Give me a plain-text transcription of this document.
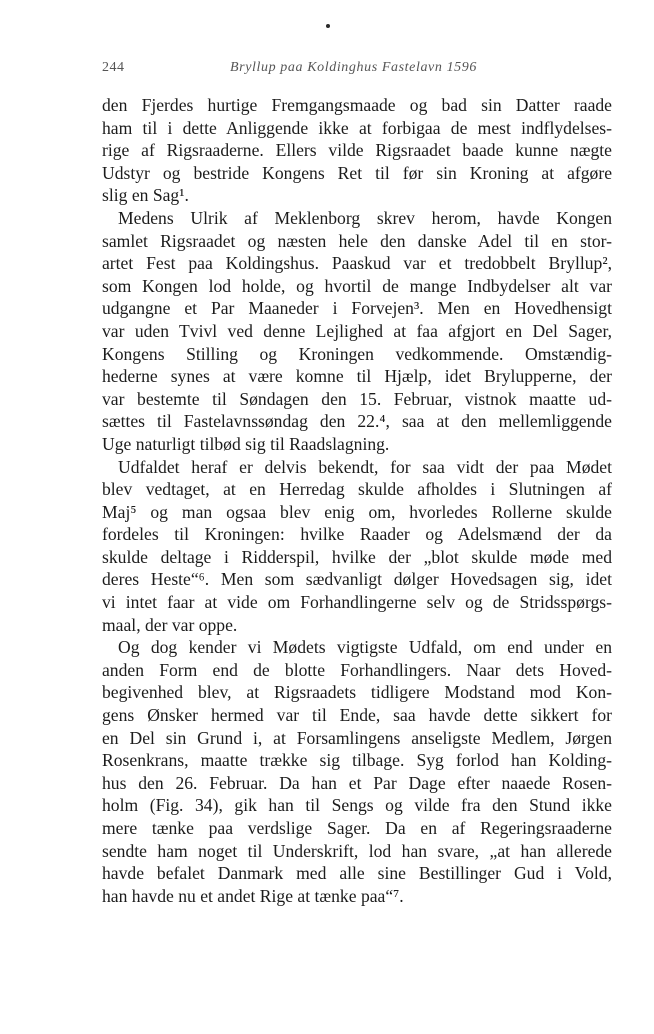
244	Bryllup paa Koldinghus Fastelavn 1596
den Fjerdes hurtige Fremgangsmaade og bad sin Datter raade
ham til i dette Anliggende ikke at forbigaa de mest indflydelses-
rige af Rigsraaderne. Ellers vilde Rigsraadet baade kunne nægte
Udstyr og bestride Kongens Ret til før sin Kroning at afgøre
slig en Sag¹.
Medens Ulrik af Meklenborg skrev herom, havde Kongen
samlet Rigsraadet og næsten hele den danske Adel til en stor-
artet Fest paa Koldingshus. Paaskud var et tredobbelt Bryllup²,
som Kongen lod holde, og hvortil de mange Indbydelser alt var
udgangne et Par Maaneder i Forvejen³. Men en Hovedhensigt
var uden Tvivl ved denne Lejlighed at faa afgjort en Del Sager,
Kongens Stilling og Kroningen vedkommende. Omstændig-
hederne synes at være komne til Hjælp, idet Brylupperne, der
var bestemte til Søndagen den 15. Februar, vistnok maatte ud-
sættes til Fastelavnssøndag den 22.⁴, saa at den mellemliggende
Uge naturligt tilbød sig til Raadslagning.
Udfaldet heraf er delvis bekendt, for saa vidt der paa Mødet
blev vedtaget, at en Herredag skulde afholdes i Slutningen af
Maj⁵ og man ogsaa blev enig om, hvorledes Rollerne skulde
fordeles til Kroningen: hvilke Raader og Adelsmænd der da
skulde deltage i Ridderspil, hvilke der „blot skulde møde med
deres Heste“⁶. Men som sædvanligt dølger Hovedsagen sig, idet
vi intet faar at vide om Forhandlingerne selv og de Stridsspørgs-
maal, der var oppe.
Og dog kender vi Mødets vigtigste Udfald, om end under en
anden Form end de blotte Forhandlingers. Naar dets Hoved-
begivenhed blev, at Rigsraadets tidligere Modstand mod Kon-
gens Ønsker hermed var til Ende, saa havde dette sikkert for
en Del sin Grund i, at Forsamlingens anseligste Medlem, Jørgen
Rosenkrans, maatte trække sig tilbage. Syg forlod han Kolding-
hus den 26. Februar. Da han et Par Dage efter naaede Rosen-
holm (Fig. 34), gik han til Sengs og vilde fra den Stund ikke
mere tænke paa verdslige Sager. Da en af Regeringsraaderne
sendte ham noget til Underskrift, lod han svare, „at han allerede
havde befalet Danmark med alle sine Bestillinger Gud i Vold,
han havde nu et andet Rige at tænke paa“⁷.
